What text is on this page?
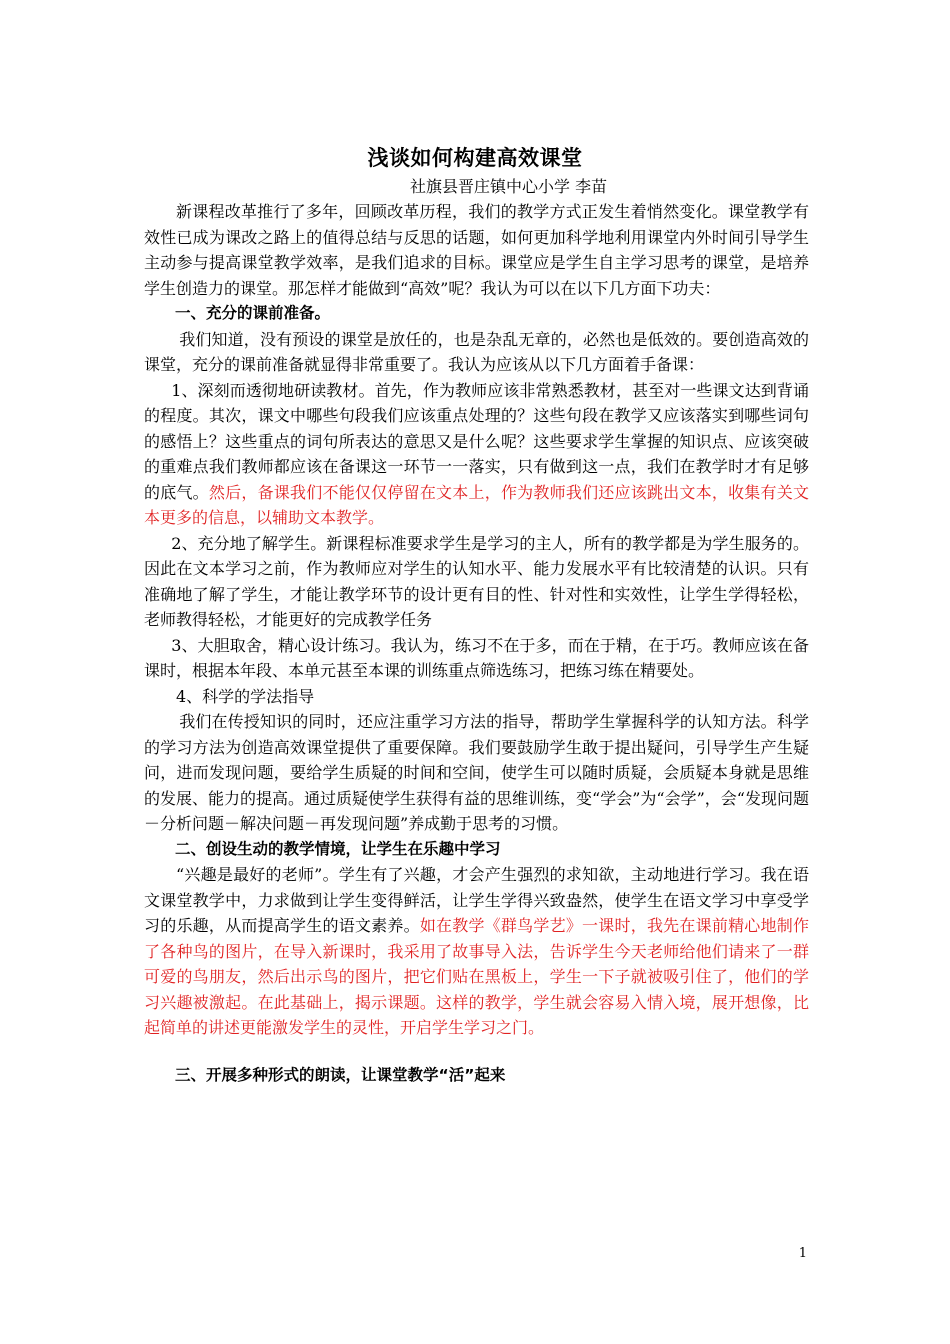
浅谈如何构建高效课堂
社旗县晋庄镇中心小学 李苗

新课程改革推行了多年，回顾改革历程，我们的教学方式正发生着悄然变化。课堂教学有效性已成为课改之路上的值得总结与反思的话题，如何更加科学地利用课堂内外时间引导学生主动参与提高课堂教学效率，是我们追求的目标。课堂应是学生自主学习思考的课堂，是培养学生创造力的课堂。那怎样才能做到“高效”呢？我认为可以在以下几方面下功夫：

一、充分的课前准备。

我们知道，没有预设的课堂是放任的，也是杂乱无章的，必然也是低效的。要创造高效的课堂，充分的课前准备就显得非常重要了。我认为应该从以下几方面着手备课：

1、深刻而透彻地研读教材。首先，作为教师应该非常熟悉教材，甚至对一些课文达到背诵的程度。其次，课文中哪些句段我们应该重点处理的？这些句段在教学又应该落实到哪些词句的感悟上？这些重点的词句所表达的意思又是什么呢？这些要求学生掌握的知识点、应该突破的重难点我们教师都应该在备课这一环节一一落实，只有做到这一点，我们在教学时才有足够的底气。然后，备课我们不能仅仅停留在文本上，作为教师我们还应该跳出文本，收集有关文本更多的信息，以辅助文本教学。

2、充分地了解学生。新课程标准要求学生是学习的主人，所有的教学都是为学生服务的。因此在文本学习之前，作为教师应对学生的认知水平、能力发展水平有比较清楚的认识。只有准确地了解了学生，才能让教学环节的设计更有目的性、针对性和实效性，让学生学得轻松，老师教得轻松，才能更好的完成教学任务

3、大胆取舍，精心设计练习。我认为，练习不在于多，而在于精，在于巧。教师应该在备课时，根据本年段、本单元甚至本课的训练重点筛选练习，把练习练在精要处。

4、科学的学法指导

我们在传授知识的同时，还应注重学习方法的指导，帮助学生掌握科学的认知方法。科学的学习方法为创造高效课堂提供了重要保障。我们要鼓励学生敢于提出疑问，引导学生产生疑问，进而发现问题，要给学生质疑的时间和空间，使学生可以随时质疑，会质疑本身就是思维的发展、能力的提高。通过质疑使学生获得有益的思维训练，变“学会”为“会学”，会“发现问题－分析问题－解决问题－再发现问题”养成勤于思考的习惯。

二、创设生动的教学情境，让学生在乐趣中学习

“兴趣是最好的老师”。学生有了兴趣，才会产生强烈的求知欲，主动地进行学习。我在语文课堂教学中，力求做到让学生变得鲜活，让学生学得兴致盎然，使学生在语文学习中享受学习的乐趣，从而提高学生的语文素养。如在教学《群鸟学艺》一课时，我先在课前精心地制作了各种鸟的图片，在导入新课时，我采用了故事导入法，告诉学生今天老师给他们请来了一群可爱的鸟朋友，然后出示鸟的图片，把它们贴在黑板上，学生一下子就被吸引住了，他们的学习兴趣被激起。在此基础上，揭示课题。这样的教学，学生就会容易入情入境，展开想像，比起简单的讲述更能激发学生的灵性，开启学生学习之门。

三、开展多种形式的朗读，让课堂教学“活”起来

1
